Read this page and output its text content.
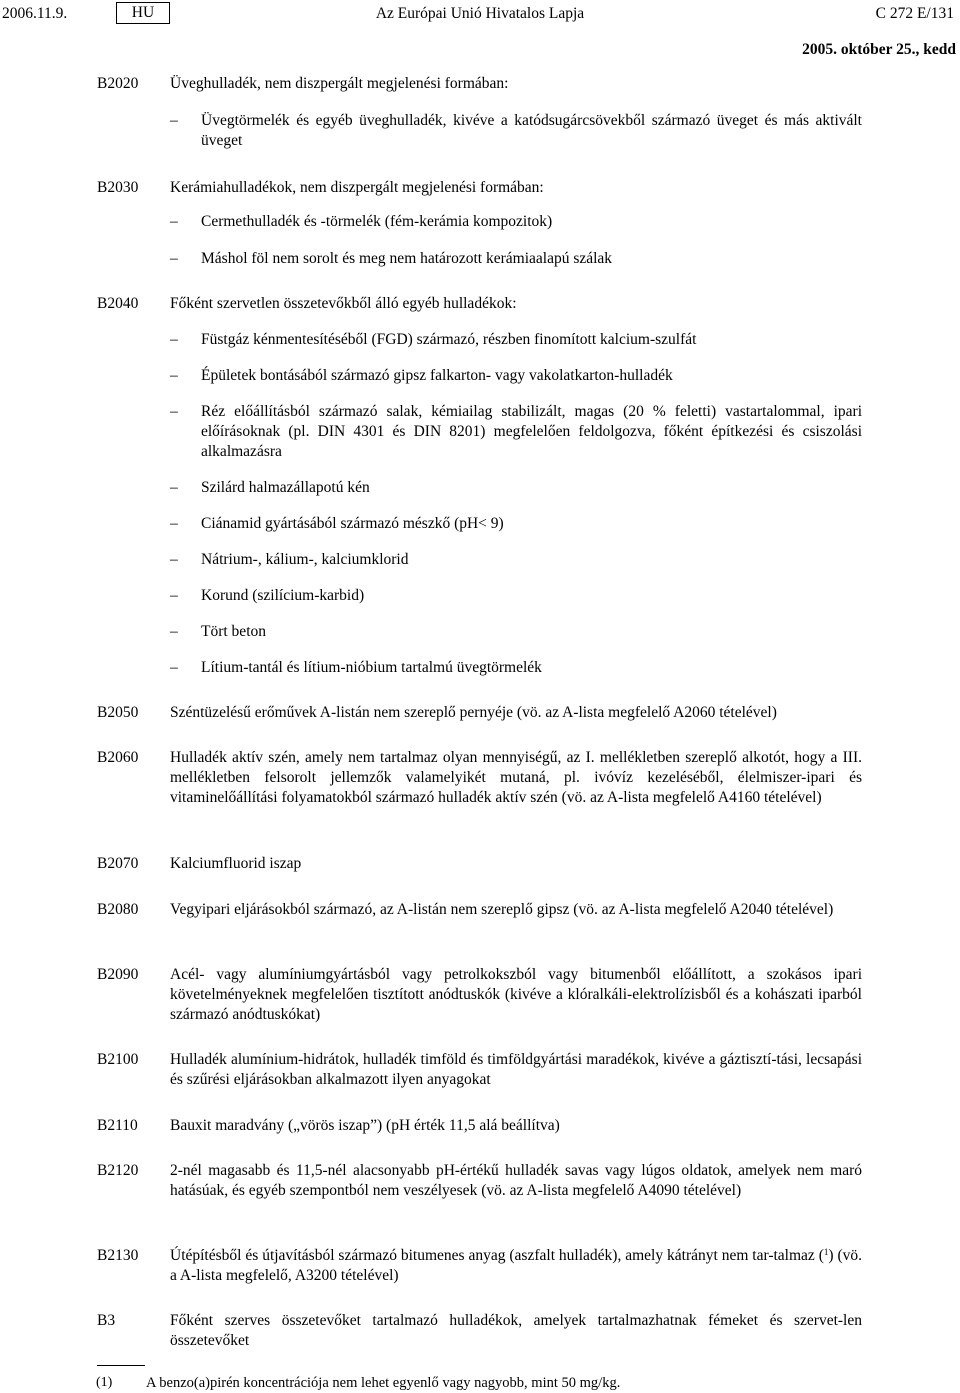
2006.11.9.	HU	Az Európai Unió Hivatalos Lapja	C 272 E/131
2005. október 25., kedd
B2020 Üveghulladék, nem diszpergált megjelenési formában:
– Üvegtörmelék és egyéb üveghulladék, kivéve a katódsugárcsövekből származó üveget és más aktivált üveget
B2030 Kerámiahulladékok, nem diszpergált megjelenési formában:
– Cermethulladék és -törmelék (fém-kerámia kompozitok)
– Máshol föl nem sorolt és meg nem határozott kerámiaalapú szálak
B2040 Főként szervetlen összetevőkből álló egyéb hulladékok:
– Füstgáz kénmentesítéséből (FGD) származó, részben finomított kalcium-szulfát
– Épületek bontásából származó gipsz falkarton- vagy vakolatkarton-hulladék
– Réz előállításból származó salak, kémiailag stabilizált, magas (20 % feletti) vastartalommal, ipari előírásoknak (pl. DIN 4301 és DIN 8201) megfelelően feldolgozva, főként építkezési és csiszolási alkalmazásra
– Szilárd halmazállapotú kén
– Ciánamid gyártásából származó mészkő (pH< 9)
– Nátrium-, kálium-, kalciumklorid
– Korund (szilícium-karbid)
– Tört beton
– Lítium-tantál és lítium-nióbium tartalmú üvegtörmelék
B2050 Széntüzelésű erőművek A-listán nem szereplő pernyéje (vö. az A-lista megfelelő A2060 tételével)
B2060 Hulladék aktív szén, amely nem tartalmaz olyan mennyiségű, az I. mellékletben szereplő alkotót, hogy a III. mellékletben felsorolt jellemzők valamelyikét mutaná, pl. ivóvíz kezeléséből, élelmiszer-ipari és vitaminelőállítási folyamatokból származó hulladék aktív szén (vö. az A-lista megfelelő A4160 tételével)
B2070 Kalciumfluorid iszap
B2080 Vegyipari eljárásokból származó, az A-listán nem szereplő gipsz (vö. az A-lista megfelelő A2040 tételével)
B2090 Acél- vagy alumíniumgyártásból vagy petrolkokszból vagy bitumenből előállított, a szokásos ipari követelményeknek megfelelően tisztított anódtuskók (kivéve a klóralkáli-elektrolízisből és a kohászati iparból származó anódtuskókat)
B2100 Hulladék alumínium-hidrátok, hulladék timföld és timföldgyártási maradékok, kivéve a gáztisztí-tási, lecsapási és szűrési eljárásokban alkalmazott ilyen anyagokat
B2110 Bauxit maradvány („vörös iszap”) (pH érték 11,5 alá beállítva)
B2120 2-nél magasabb és 11,5-nél alacsonyabb pH-értékű hulladék savas vagy lúgos oldatok, amelyek nem maró hatásúak, és egyéb szempontból nem veszélyesek (vö. az A-lista megfelelő A4090 tételével)
B2130 Útépítésből és útjavításból származó bitumenes anyag (aszfalt hulladék), amely kátrányt nem tar-talmaz ($^1$) (vö. a A-lista megfelelő, A3200 tételével)
B3	Főként szerves összetevőket tartalmazó hulladékok, amelyek tartalmazhatnak fémeket és szervet-len összetevőket
(1) A benzo(a)pirén koncentrációja nem lehet egyenlő vagy nagyobb, mint 50 mg/kg.
